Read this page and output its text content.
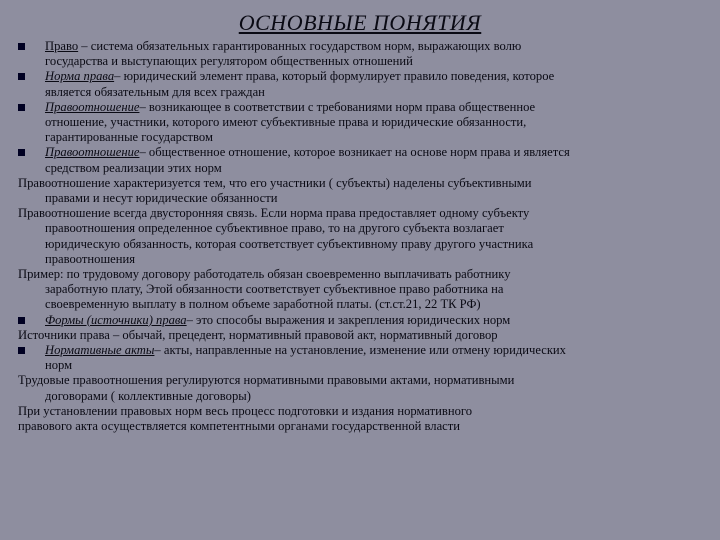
ОСНОВНЫЕ ПОНЯТИЯ
Право – система обязательных гарантированных государством норм, выражающих волю
государства и выступающих регулятором общественных отношений
Норма права– юридический элемент права, который формулирует правило поведения, которое
является обязательным для всех граждан
Правоотношение– возникающее в соответствии с требованиями норм права общественное
отношение, участники, которого имеют субъективные права и юридические обязанности,
гарантированные государством
Правоотношение– общественное отношение, которое возникает на основе норм права и является
средством реализации этих норм
Правоотношение характеризуется тем, что его участники ( субъекты) наделены субъективными
правами и несут юридические обязанности
Правоотношение всегда двусторонняя связь. Если норма права предоставляет одному субъекту
правоотношения определенное субъективное право, то на другого субъекта возлагает
юридическую обязанность, которая соответствует субъективному праву другого участника
правоотношения
Пример: по трудовому договору работодатель обязан своевременно выплачивать работнику
заработную плату, Этой обязанности соответствует субъективное право работника на
своевременную выплату в полном объеме заработной платы. (ст.ст.21, 22 ТК РФ)
Формы (источники) права– это способы выражения и закрепления юридических норм
Источники права – обычай, прецедент, нормативный правовой акт, нормативный договор
Нормативные акты– акты, направленные на установление, изменение или отмену юридических
норм
Трудовые правоотношения регулируются нормативными правовыми актами, нормативными
договорами ( коллективные договоры)
При установлении правовых норм весь процесс подготовки и издания нормативного
правового акта осуществляется компетентными органами государственной власти
